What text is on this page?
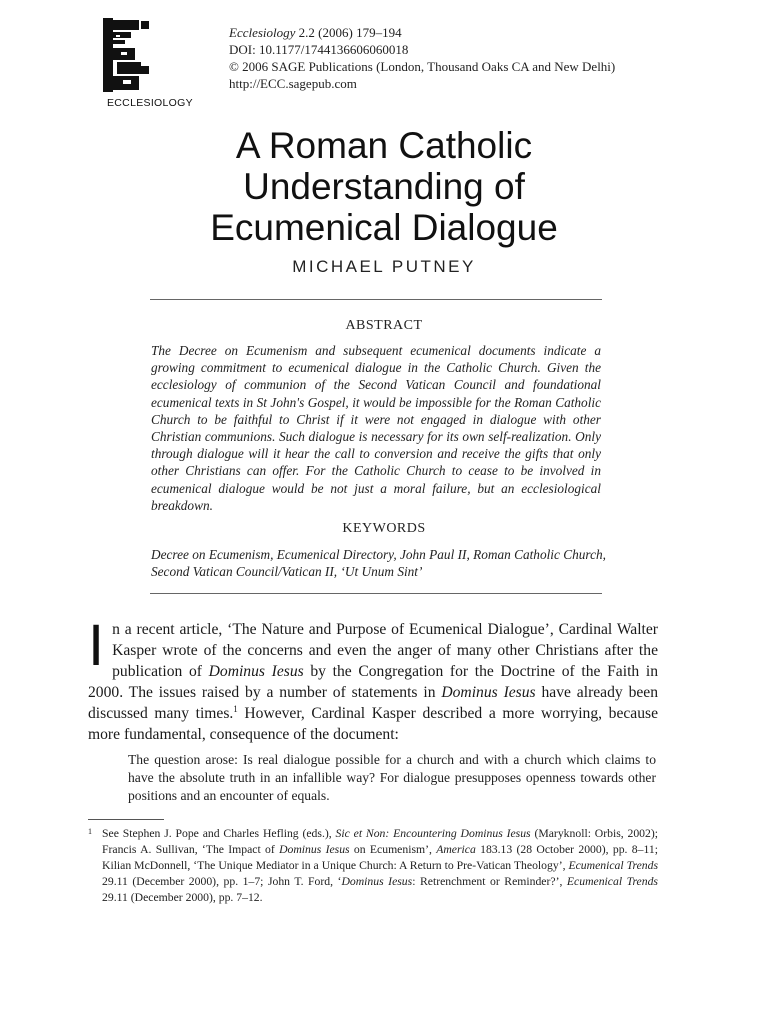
ECCLESIOLOGY
Ecclesiology 2.2 (2006) 179–194
DOI: 10.1177/1744136606060018
© 2006 SAGE Publications (London, Thousand Oaks CA and New Delhi)
http://ECC.sagepub.com
A Roman Catholic
Understanding of
Ecumenical Dialogue
MICHAEL PUTNEY
ABSTRACT

The Decree on Ecumenism and subsequent ecumenical documents indicate a growing commitment to ecumenical dialogue in the Catholic Church. Given the ecclesiology of communion of the Second Vatican Council and foundational ecumenical texts in St John's Gospel, it would be impossible for the Roman Catholic Church to be faithful to Christ if it were not engaged in dialogue with other Christian communions. Such dialogue is necessary for its own self-realization. Only through dialogue will it hear the call to conversion and receive the gifts that only other Christians can offer. For the Catholic Church to cease to be involved in ecumenical dialogue would be not just a moral failure, but an ecclesiological breakdown.

KEYWORDS

Decree on Ecumenism, Ecumenical Directory, John Paul II, Roman Catholic Church, Second Vatican Council/Vatican II, ‘Ut Unum Sint’

In a recent article, ‘The Nature and Purpose of Ecumenical Dialogue’, Cardinal Walter Kasper wrote of the concerns and even the anger of many other Christians after the publication of Dominus Iesus by the Congregation for the Doctrine of the Faith in 2000. The issues raised by a number of statements in Dominus Iesus have already been discussed many times.$^1$ However, Cardinal Kasper described a more worrying, because more fundamental, consequence of the document:

The question arose: Is real dialogue possible for a church and with a church which claims to have the absolute truth in an infallible way? For dialogue presupposes openness towards other positions and an encounter of equals.

1 See Stephen J. Pope and Charles Hefling (eds.), Sic et Non: Encountering Dominus Iesus (Maryknoll: Orbis, 2002); Francis A. Sullivan, ‘The Impact of Dominus Iesus on Ecumenism’, America 183.13 (28 October 2000), pp. 8–11; Kilian McDonnell, ‘The Unique Mediator in a Unique Church: A Return to Pre-Vatican Theology’, Ecumenical Trends 29.11 (December 2000), pp. 1–7; John T. Ford, ‘Dominus Iesus: Retrenchment or Reminder?’, Ecumenical Trends 29.11 (December 2000), pp. 7–12.
